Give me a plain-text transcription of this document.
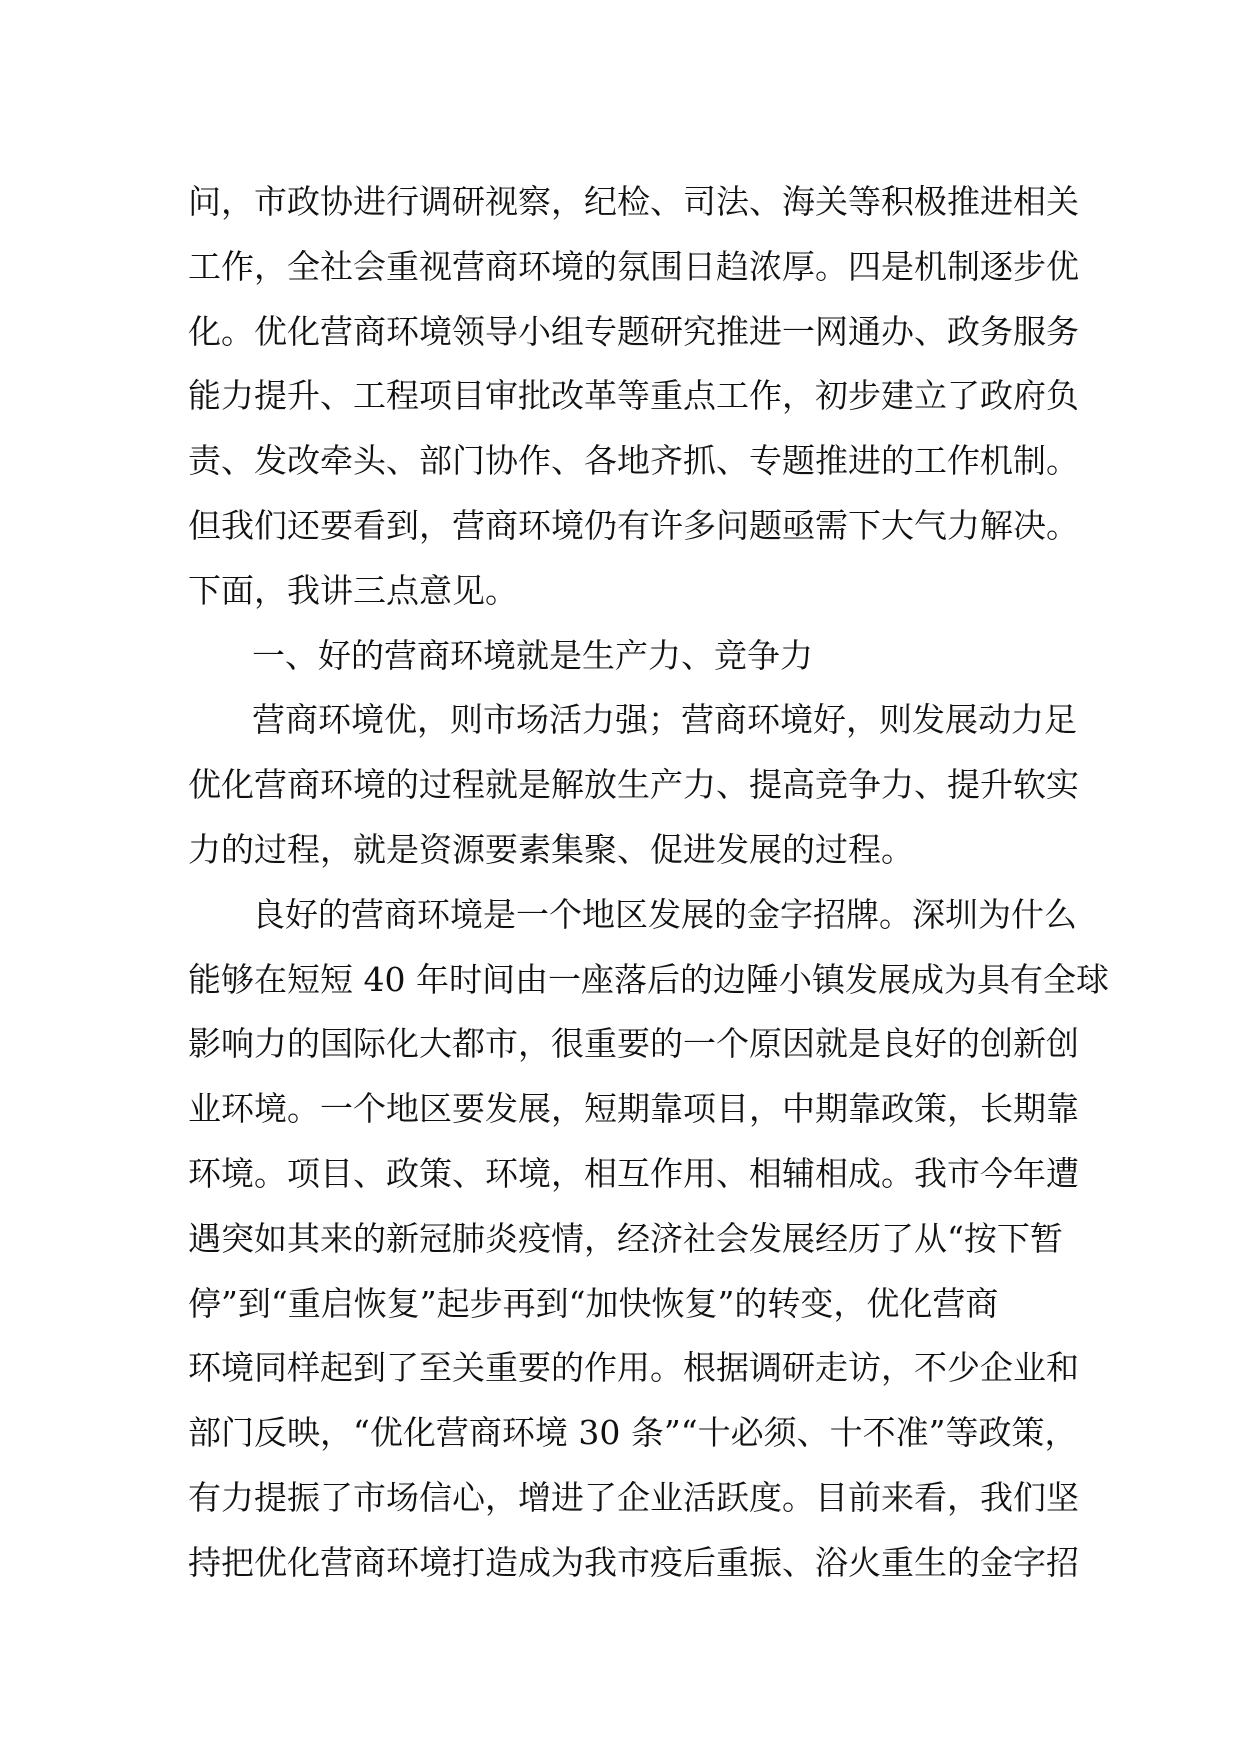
问，市政协进行调研视察，纪检、司法、海关等积极推进相关
工作，全社会重视营商环境的氛围日趋浓厚。四是机制逐步优
化。优化营商环境领导小组专题研究推进一网通办、政务服务
能力提升、工程项目审批改革等重点工作，初步建立了政府负
责、发改牵头、部门协作、各地齐抓、专题推进的工作机制。
但我们还要看到，营商环境仍有许多问题亟需下大气力解决。
下面，我讲三点意见。
一、好的营商环境就是生产力、竞争力
营商环境优，则市场活力强；营商环境好，则发展动力足
优化营商环境的过程就是解放生产力、提高竞争力、提升软实
力的过程，就是资源要素集聚、促进发展的过程。
良好的营商环境是一个地区发展的金字招牌。深圳为什么
能够在短短 40 年时间由一座落后的边陲小镇发展成为具有全球
影响力的国际化大都市，很重要的一个原因就是良好的创新创
业环境。一个地区要发展，短期靠项目，中期靠政策，长期靠
环境。项目、政策、环境，相互作用、相辅相成。我市今年遭
遇突如其来的新冠肺炎疫情，经济社会发展经历了从“按下暂
停”到“重启恢复”起步再到“加快恢复”的转变，优化营商
环境同样起到了至关重要的作用。根据调研走访，不少企业和
部门反映，“优化营商环境 30 条”“十必须、十不准”等政策，
有力提振了市场信心，增进了企业活跃度。目前来看，我们坚
持把优化营商环境打造成为我市疫后重振、浴火重生的金字招
